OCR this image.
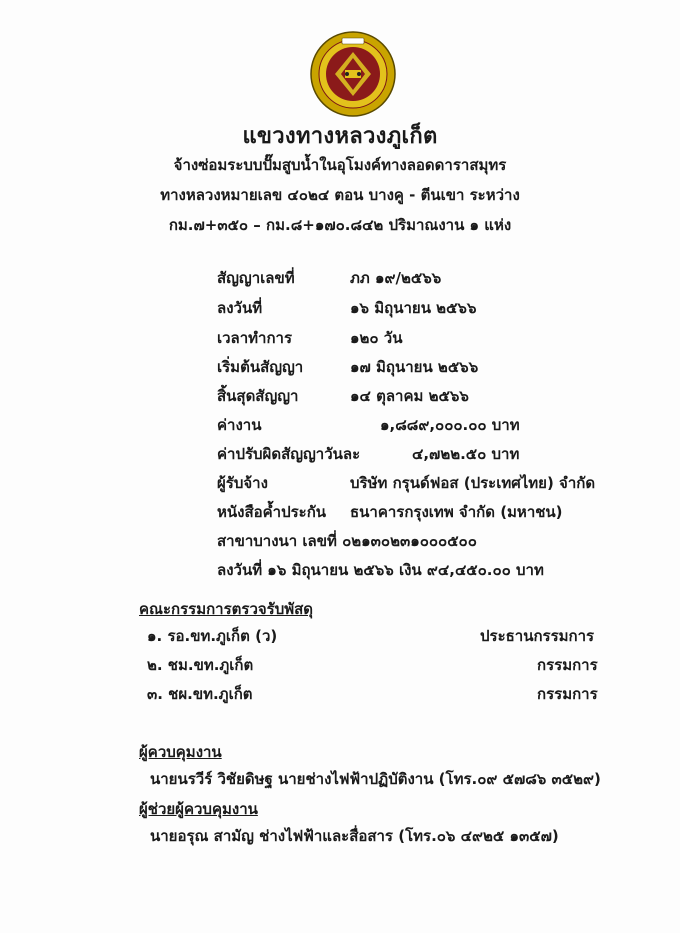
แขวงทางหลวงภูเก็ต
จ้างซ่อมระบบปั๊มสูบน้ำในอุโมงค์ทางลอดดาราสมุทร
ทางหลวงหมายเลข ๔๐๒๔ ตอน บางคู - ตีนเขา ระหว่าง
กม.๗+๓๕๐ – กม.๘+๑๗๐.๘๔๒ ปริมาณงาน ๑ แห่ง
สัญญาเลขที่	ภภ ๑๙/๒๕๖๖
ลงวันที่	๑๖ มิถุนายน ๒๕๖๖
เวลาทำการ	๑๒๐ วัน
เริ่มต้นสัญญา	๑๗ มิถุนายน ๒๕๖๖
สิ้นสุดสัญญา	๑๔ ตุลาคม ๒๕๖๖
ค่างาน	๑,๘๘๙,๐๐๐.๐๐ บาท
ค่าปรับผิดสัญญาวันละ	๔,๗๒๒.๕๐ บาท
ผู้รับจ้าง	บริษัท กรุนด์ฟอส (ประเทศไทย) จำกัด
หนังสือค้ำประกัน ธนาคารกรุงเทพ จำกัด (มหาชน)
สาขาบางนา เลขที่ ๐๒๑๓๐๒๓๑๐๐๐๕๐๐
ลงวันที่ ๑๖ มิถุนายน ๒๕๖๖ เงิน ๙๔,๔๕๐.๐๐ บาท
คณะกรรมการตรวจรับพัสดุ
๑. รอ.ขท.ภูเก็ต (ว)	ประธานกรรมการ
๒. ชม.ขท.ภูเก็ต	กรรมการ
๓. ชผ.ขท.ภูเก็ต	กรรมการ
ผู้ควบคุมงาน
นายนรวีร์ วิชัยดิษฐ นายช่างไฟฟ้าปฏิบัติงาน (โทร.๐๙ ๕๗๘๖ ๓๕๒๙)
ผู้ช่วยผู้ควบคุมงาน
นายอรุณ สามัญ ช่างไฟฟ้าและสื่อสาร (โทร.๐๖ ๔๙๒๕ ๑๓๕๗)
